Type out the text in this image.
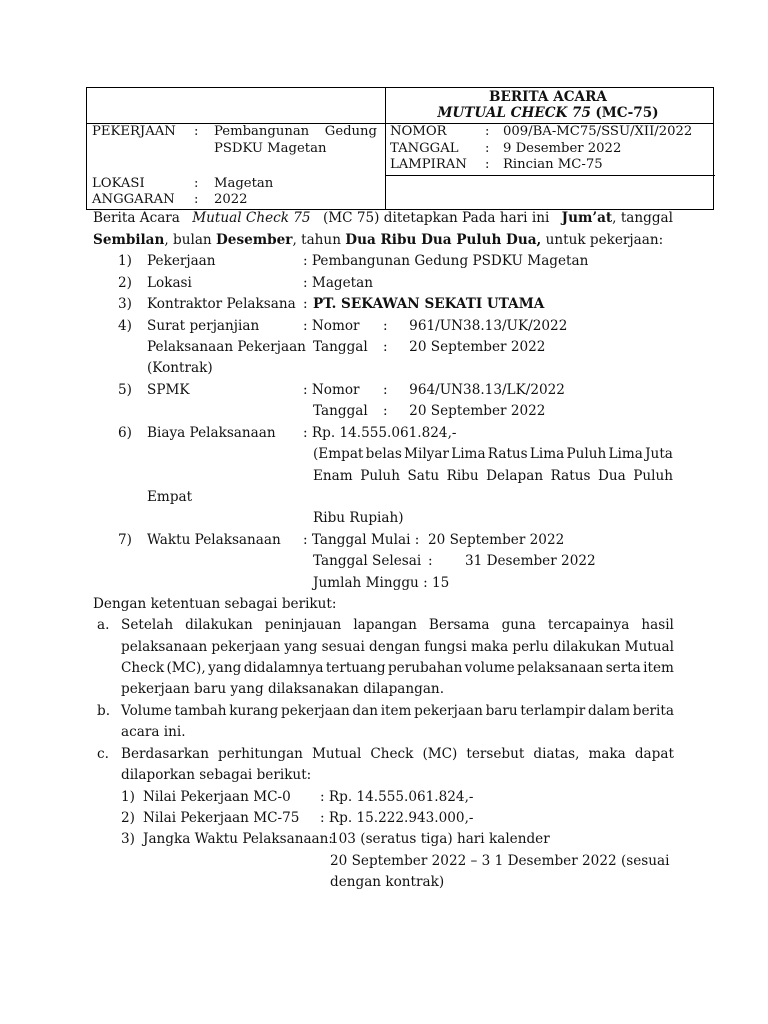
BERITA ACARA
MUTUAL CHECK 75 (MC-75)
PEKERJAAN : Pembangunan Gedung
PSDKU Magetan
LOKASI	: Magetan
ANGGARAN : 2022
NOMOR	: 009/BA-MC75/SSU/XII/2022
TANGGAL : 9 Desember 2022
LAMPIRAN : Rincian MC-75
Berita Acara Mutual Check 75 (MC 75) ditetapkan Pada hari ini Jum’at, tanggal
Sembilan, bulan Desember, tahun Dua Ribu Dua Puluh Dua, untuk pekerjaan:
1) Pekerjaan	: Pembangunan Gedung PSDKU Magetan
2) Lokasi	: Magetan
3) Kontraktor Pelaksana : PT. SEKAWAN SEKATI UTAMA
4) Surat perjanjian
Pelaksanaan Pekerjaan
(Kontrak)
: Nomor :     961/UN38.13/UK/2022
Tanggal :     20 September 2022
5) SPMK	: Nomor :     964/UN38.13/LK/2022
Tanggal :     20 September 2022
6) Biaya Pelaksanaan : Rp. 14.555.061.824,-
(Empat belas Milyar Lima Ratus Lima Puluh Lima Juta
Enam Puluh Satu Ribu Delapan Ratus Dua Puluh
Empat
Ribu Rupiah)
7) Waktu Pelaksanaan : Tanggal Mulai : 20 September 2022
Tanggal Selesai : 31 Desember 2022
Jumlah Minggu : 15
Dengan ketentuan sebagai berikut:
a. Setelah dilakukan peninjauan lapangan Bersama guna tercapainya hasil
pelaksanaan pekerjaan yang sesuai dengan fungsi maka perlu dilakukan Mutual
Check (MC), yang didalamnya tertuang perubahan volume pelaksanaan serta item
pekerjaan baru yang dilaksanakan dilapangan.
b. Volume tambah kurang pekerjaan dan item pekerjaan baru terlampir dalam berita
acara ini.
c. Berdasarkan perhitungan Mutual Check (MC) tersebut diatas, maka dapat
dilaporkan sebagai berikut:
1) Nilai Pekerjaan MC-0 : Rp. 14.555.061.824,-
2) Nilai Pekerjaan MC-75 : Rp. 15.222.943.000,-
3) Jangka Waktu Pelaksanaan:
103 (seratus tiga) hari kalender
20 September 2022 – 3 1 Desember 2022 (sesuai
dengan kontrak)
